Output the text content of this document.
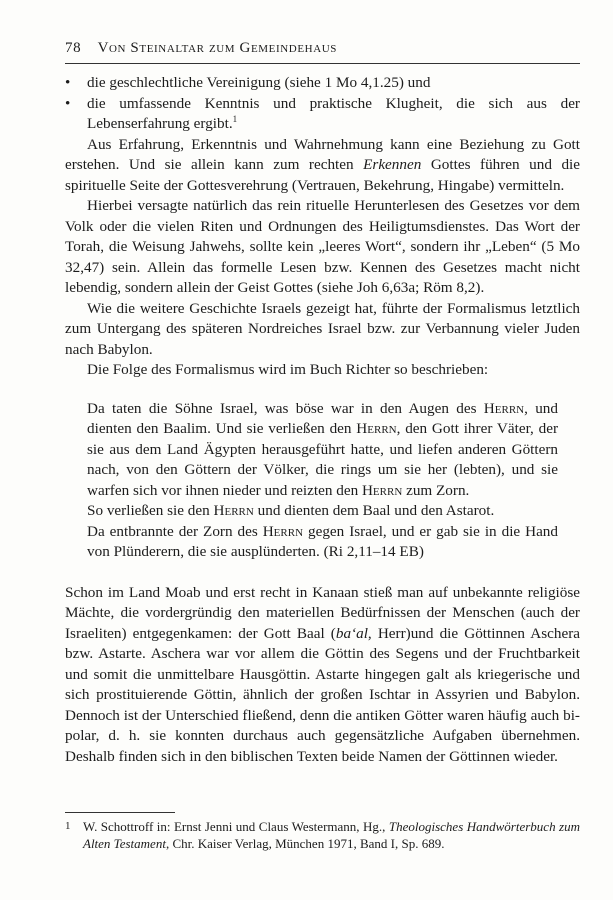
78 Von Steinaltar zum Gemeindehaus
•	die geschlechtliche Vereinigung (siehe 1 Mo 4,1.25) und
•	die umfassende Kenntnis und praktische Klugheit, die sich aus der Lebenserfahrung ergibt.$^1$

Aus Erfahrung, Erkenntnis und Wahrnehmung kann eine Beziehung zu Gott erstehen. Und sie allein kann zum rechten Erkennen Gottes führen und die spirituelle Seite der Gottesverehrung (Vertrauen, Bekehrung, Hingabe) vermitteln.

Hierbei versagte natürlich das rein rituelle Herunterlesen des Gesetzes vor dem Volk oder die vielen Riten und Ordnungen des Heiligtumsdienstes. Das Wort der Torah, die Weisung Jahwehs, sollte kein „leeres Wort“, sondern ihr „Leben“ (5 Mo 32,47) sein. Allein das formelle Lesen bzw. Kennen des Gesetzes macht nicht lebendig, sondern allein der Geist Gottes (siehe Joh 6,63a; Röm 8,2).

Wie die weitere Geschichte Israels gezeigt hat, führte der Formalismus letztlich zum Untergang des späteren Nordreiches Israel bzw. zur Verbannung vieler Juden nach Babylon.

Die Folge des Formalismus wird im Buch Richter so beschrieben:

Da taten die Söhne Israel, was böse war in den Augen des Herrn, und dienten den Baalim. Und sie verließen den Herrn, den Gott ihrer Väter, der sie aus dem Land Ägypten herausgeführt hatte, und liefen anderen Göttern nach, von den Göttern der Völker, die rings um sie her (lebten), und sie warfen sich vor ihnen nieder und reizten den Herrn zum Zorn.

So verließen sie den Herrn und dienten dem Baal und den Astarot.

Da entbrannte der Zorn des Herrn gegen Israel, und er gab sie in die Hand von Plünderern, die sie ausplünderten. (Ri 2,11–14 EB)

Schon im Land Moab und erst recht in Kanaan stieß man auf unbekannte religiöse Mächte, die vordergründig den materiellen Bedürfnissen der Menschen (auch der Israeliten) entgegenkamen: der Gott Baal (ba‘al, Herr)und die Göttinnen Aschera bzw. Astarte. Aschera war vor allem die Göttin des Segens und der Fruchtbarkeit und somit die unmittelbare Hausgöttin. Astarte hingegen galt als kriegerische und sich prostituierende Göttin, ähnlich der großen Ischtar in Assyrien und Babylon. Dennoch ist der Unterschied fließend, denn die antiken Götter waren häufig auch bi-polar, d. h. sie konnten durchaus auch gegensätzliche Aufgaben übernehmen. Deshalb finden sich in den biblischen Texten beide Namen der Göttinnen wieder.

1 W. Schottroff in: Ernst Jenni und Claus Westermann, Hg., Theologisches Handwörterbuch zum Alten Testament, Chr. Kaiser Verlag, München 1971, Band I, Sp. 689.
